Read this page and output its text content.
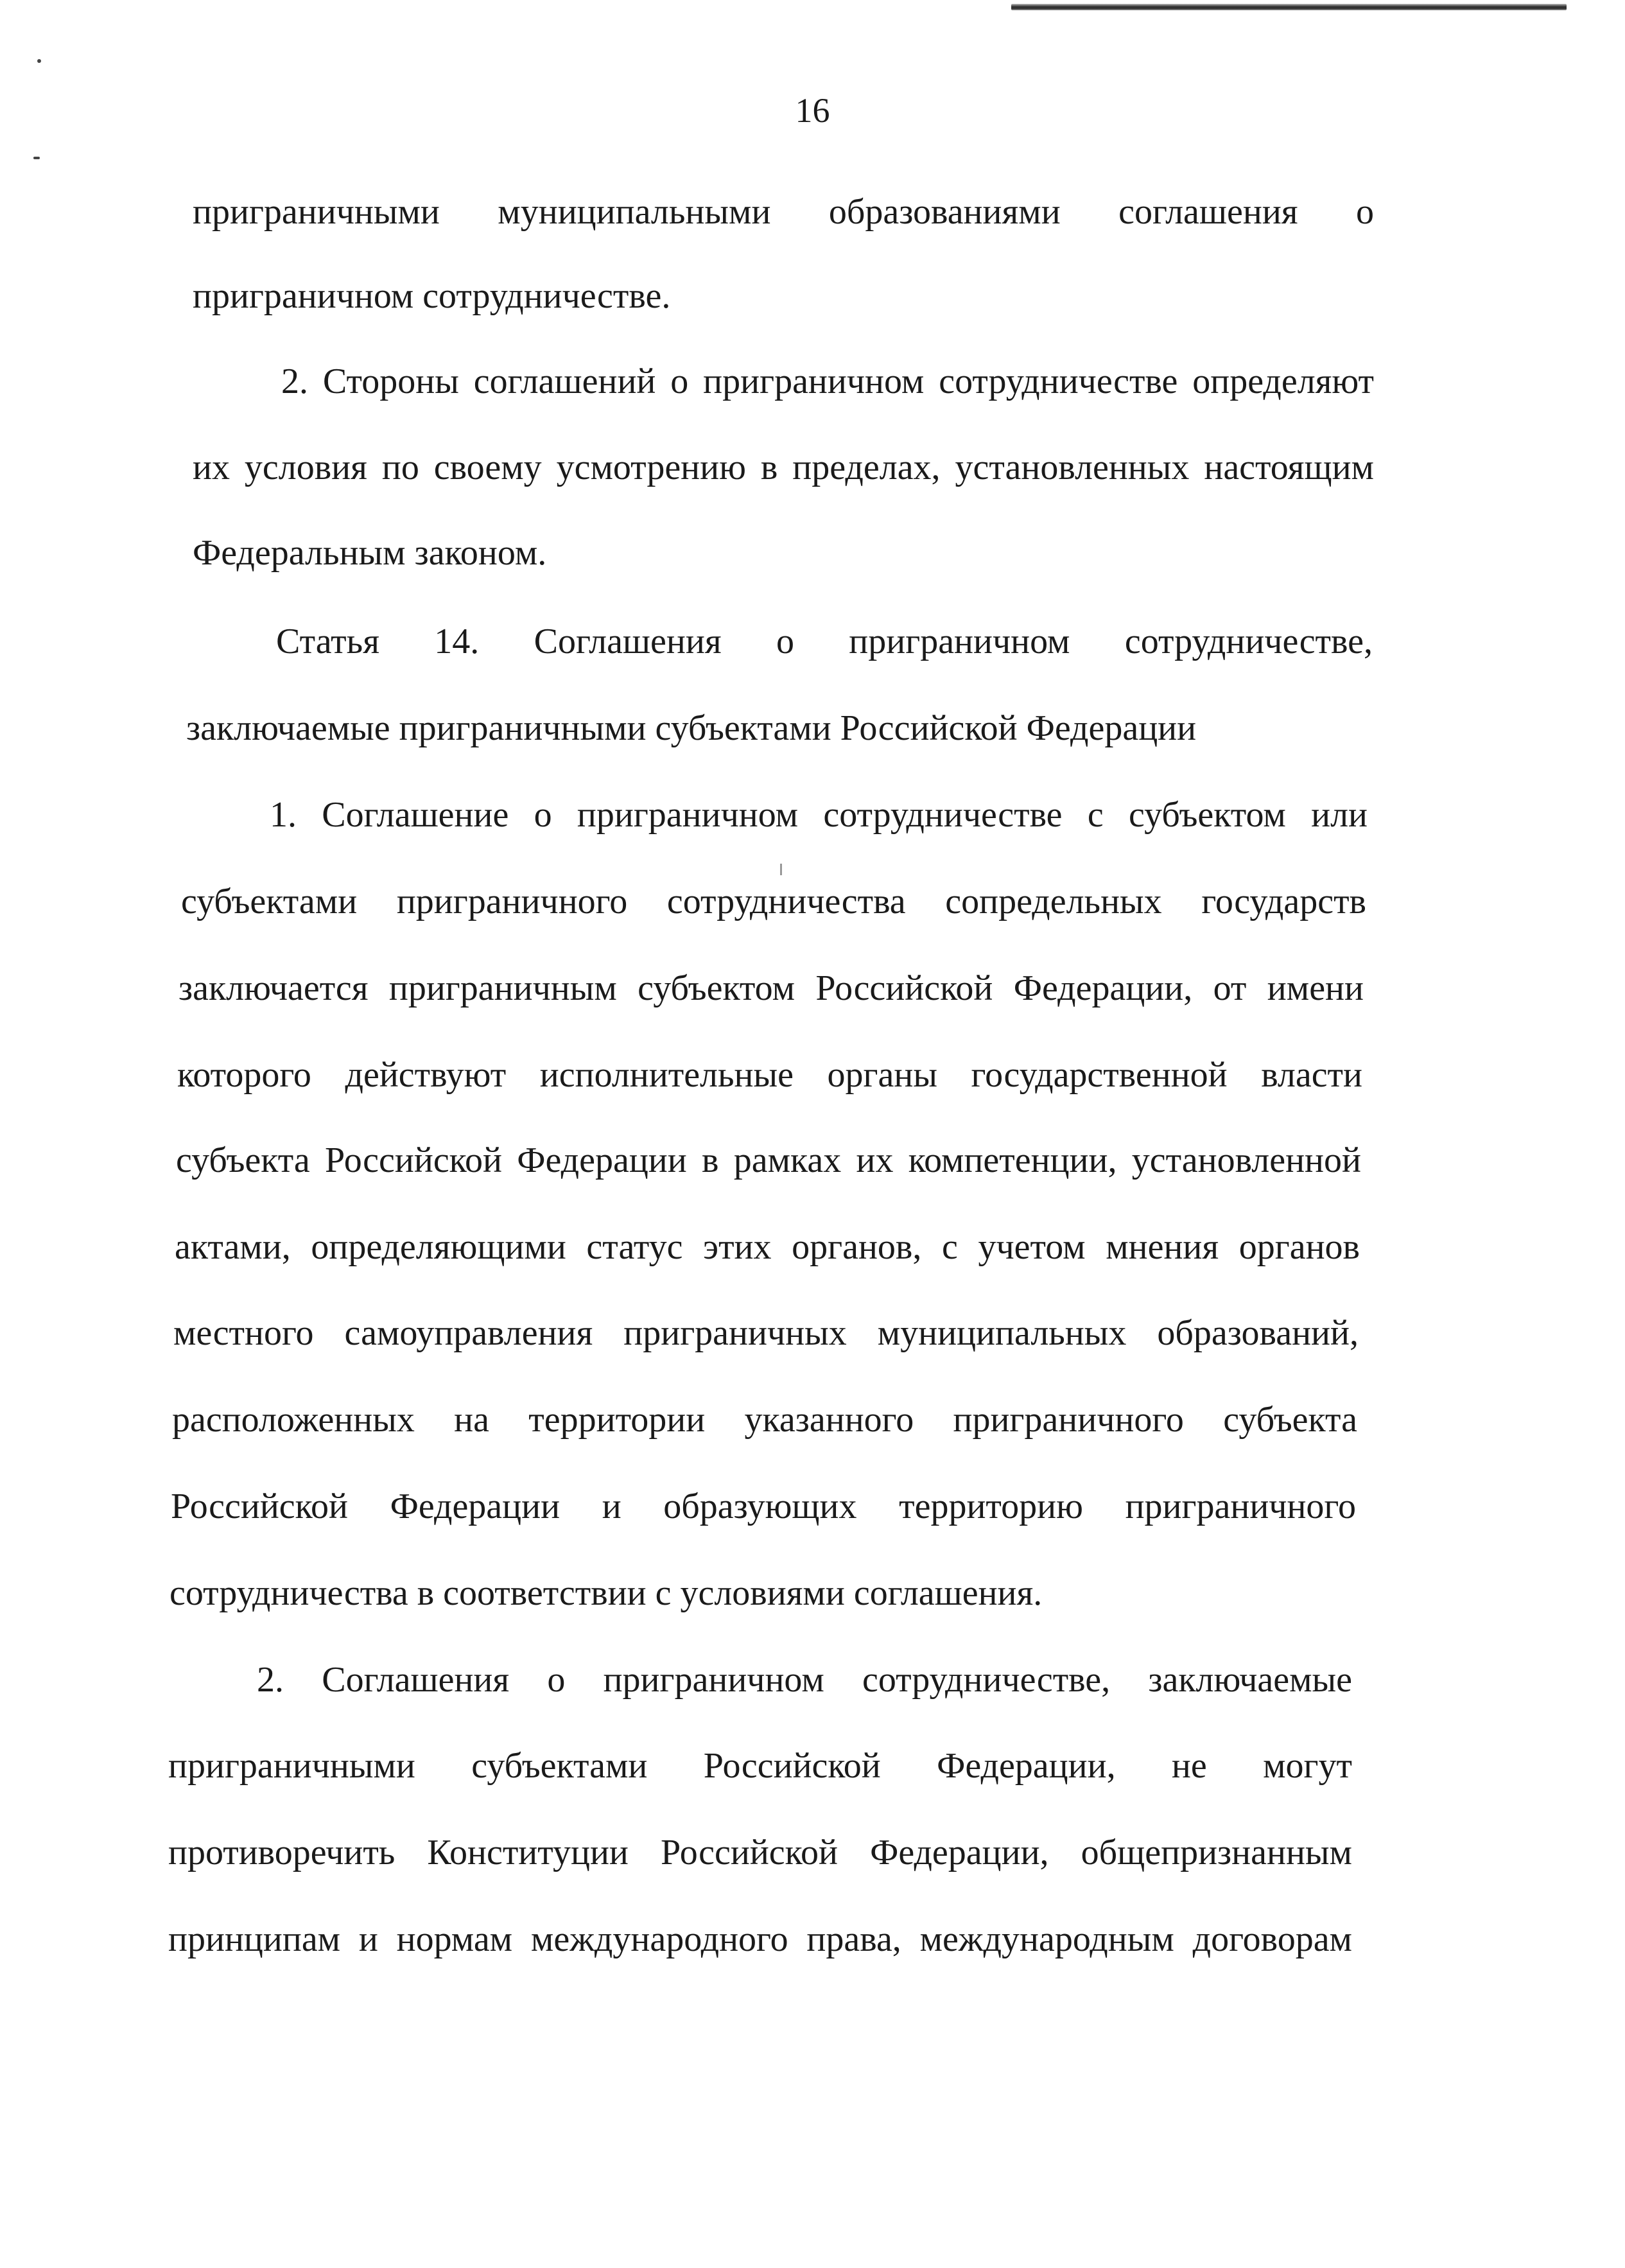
16
приграничными муниципальными образованиями соглашения о
приграничном сотрудничестве.
2. Стороны соглашений о приграничном сотрудничестве определяют
их условия по своему усмотрению в пределах, установленных настоящим
Федеральным законом.
Статья 14. Соглашения о приграничном сотрудничестве,
заключаемые приграничными субъектами Российской Федерации
1. Соглашение о приграничном сотрудничестве с субъектом или
субъектами приграничного сотрудничества сопредельных государств
заключается приграничным субъектом Российской Федерации, от имени
которого действуют исполнительные органы государственной власти
субъекта Российской Федерации в рамках их компетенции, установленной
актами, определяющими статус этих органов, с учетом мнения органов
местного самоуправления приграничных муниципальных образований,
расположенных на территории указанного приграничного субъекта
Российской Федерации и образующих территорию приграничного
сотрудничества в соответствии с условиями соглашения.
2. Соглашения о приграничном сотрудничестве, заключаемые
приграничными субъектами Российской Федерации, не могут
противоречить Конституции Российской Федерации, общепризнанным
принципам и нормам международного права, международным договорам
